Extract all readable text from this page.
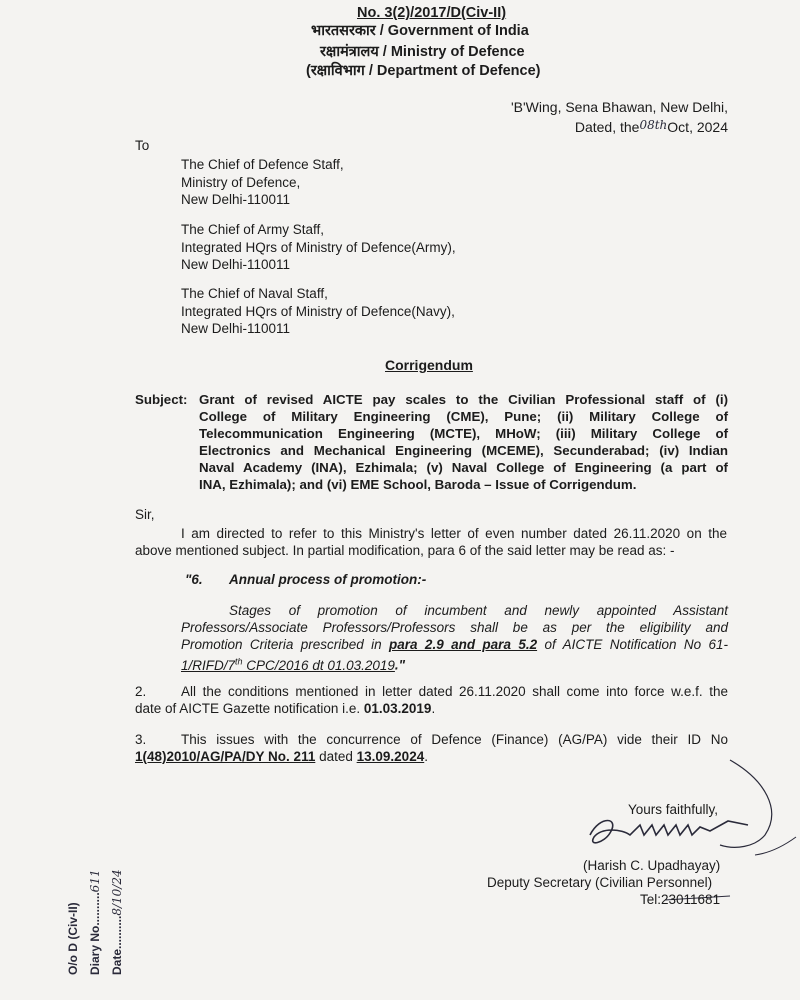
No. 3(2)/2017/D(Civ-II)
भारतसरकार / Government of India
रक्षामंत्रालय / Ministry of Defence
(रक्षाविभाग / Department of Defence)
'B'Wing, Sena Bhawan, New Delhi,
Dated, the08thOct, 2024
To
The Chief of Defence Staff,
Ministry of Defence,
New Delhi-110011
The Chief of Army Staff,
Integrated HQrs of Ministry of Defence(Army),
New Delhi-110011
The Chief of Naval Staff,
Integrated HQrs of Ministry of Defence(Navy),
New Delhi-110011
Corrigendum
Subject: Grant of revised AICTE pay scales to the Civilian Professional staff of (i)
College of Military Engineering (CME), Pune; (ii) Military College of
Telecommunication Engineering (MCTE), MHoW; (iii) Military College of
Electronics and Mechanical Engineering (MCEME), Secunderabad; (iv) Indian
Naval Academy (INA), Ezhimala; (v) Naval College of Engineering (a part of
INA, Ezhimala); and (vi) EME School, Baroda – Issue of Corrigendum.
Sir,
I am directed to refer to this Ministry's letter of even number dated 26.11.2020 on the
above mentioned subject. In partial modification, para 6 of the said letter may be read as: -
"6. Annual process of promotion:-
Stages of promotion of incumbent and newly appointed Assistant
Professors/Associate Professors/Professors shall be as per the eligibility and
Promotion Criteria prescribed in para 2.9 and para 5.2 of AICTE Notification No 61-
1/RIFD/7th CPC/2016 dt 01.03.2019."
2.	All the conditions mentioned in letter dated 26.11.2020 shall come into force w.e.f. the
date of AICTE Gazette notification i.e. 01.03.2019.
3.	This issues with the concurrence of Defence (Finance) (AG/PA) vide their ID No
1(48)2010/AG/PA/DY No. 211 dated 13.09.2024.
Yours faithfully,
(Harish C. Upadhayay)
Deputy Secretary (Civilian Personnel)
Tel:23011681
O/o D (Civ-II) Diary No..........611
Date..........8/10/24
